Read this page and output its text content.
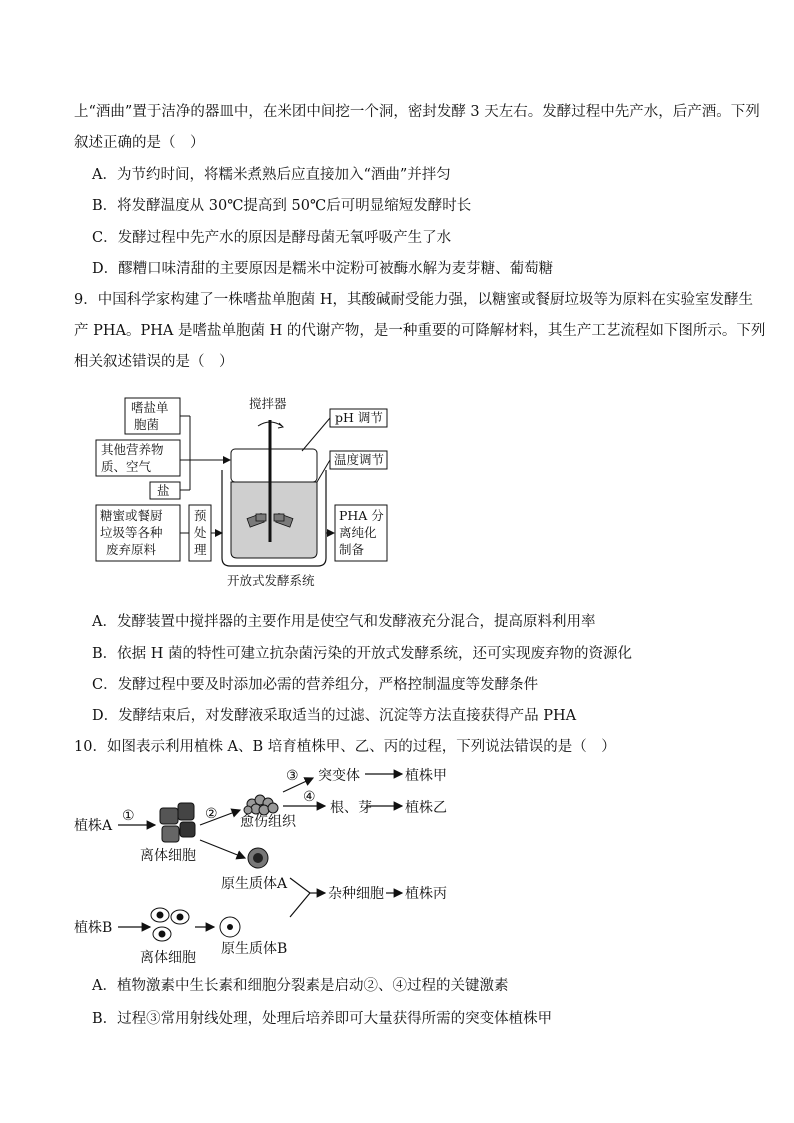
上“酒曲”置于洁净的器皿中，在米团中间挖一个洞，密封发酵 3 天左右。发酵过程中先产水，后产酒。下列
叙述正确的是（　）
A．为节约时间，将糯米煮熟后应直接加入“酒曲”并拌匀
B．将发酵温度从 30℃提高到 50℃后可明显缩短发酵时长
C．发酵过程中先产水的原因是酵母菌无氧呼吸产生了水
D．醪糟口味清甜的主要原因是糯米中淀粉可被酶水解为麦芽糖、葡萄糖
9．中国科学家构建了一株嗜盐单胞菌 H，其酸碱耐受能力强，以糖蜜或餐厨垃圾等为原料在实验室发酵生
产 PHA。PHA 是嗜盐单胞菌 H 的代谢产物，是一种重要的可降解材料，其生产工艺流程如下图所示。下列
相关叙述错误的是（　）
嗜盐单
胞菌
其他营养物
质、空气
盐
糖蜜或餐厨
垃圾等各种
废弃原料
预
处
理
搅拌器
pH 调节
温度调节
PHA 分
离纯化
制备
开放式发酵系统
A．发酵装置中搅拌器的主要作用是使空气和发酵液充分混合，提高原料利用率
B．依据 H 菌的特性可建立抗杂菌污染的开放式发酵系统，还可实现废弃物的资源化
C．发酵过程中要及时添加必需的营养组分，严格控制温度等发酵条件
D．发酵结束后，对发酵液采取适当的过滤、沉淀等方法直接获得产品 PHA
10．如图表示利用植株 A、B 培育植株甲、乙、丙的过程，下列说法错误的是（　）
植株A
①	②
③
④
离体细胞
愈伤组织
突变体	植株甲
根、芽 植株乙
原生质体A
杂种细胞 植株丙
植株B
离体细胞
原生质体B
A．植物激素中生长素和细胞分裂素是启动②、④过程的关键激素
B．过程③常用射线处理，处理后培养即可大量获得所需的突变体植株甲
